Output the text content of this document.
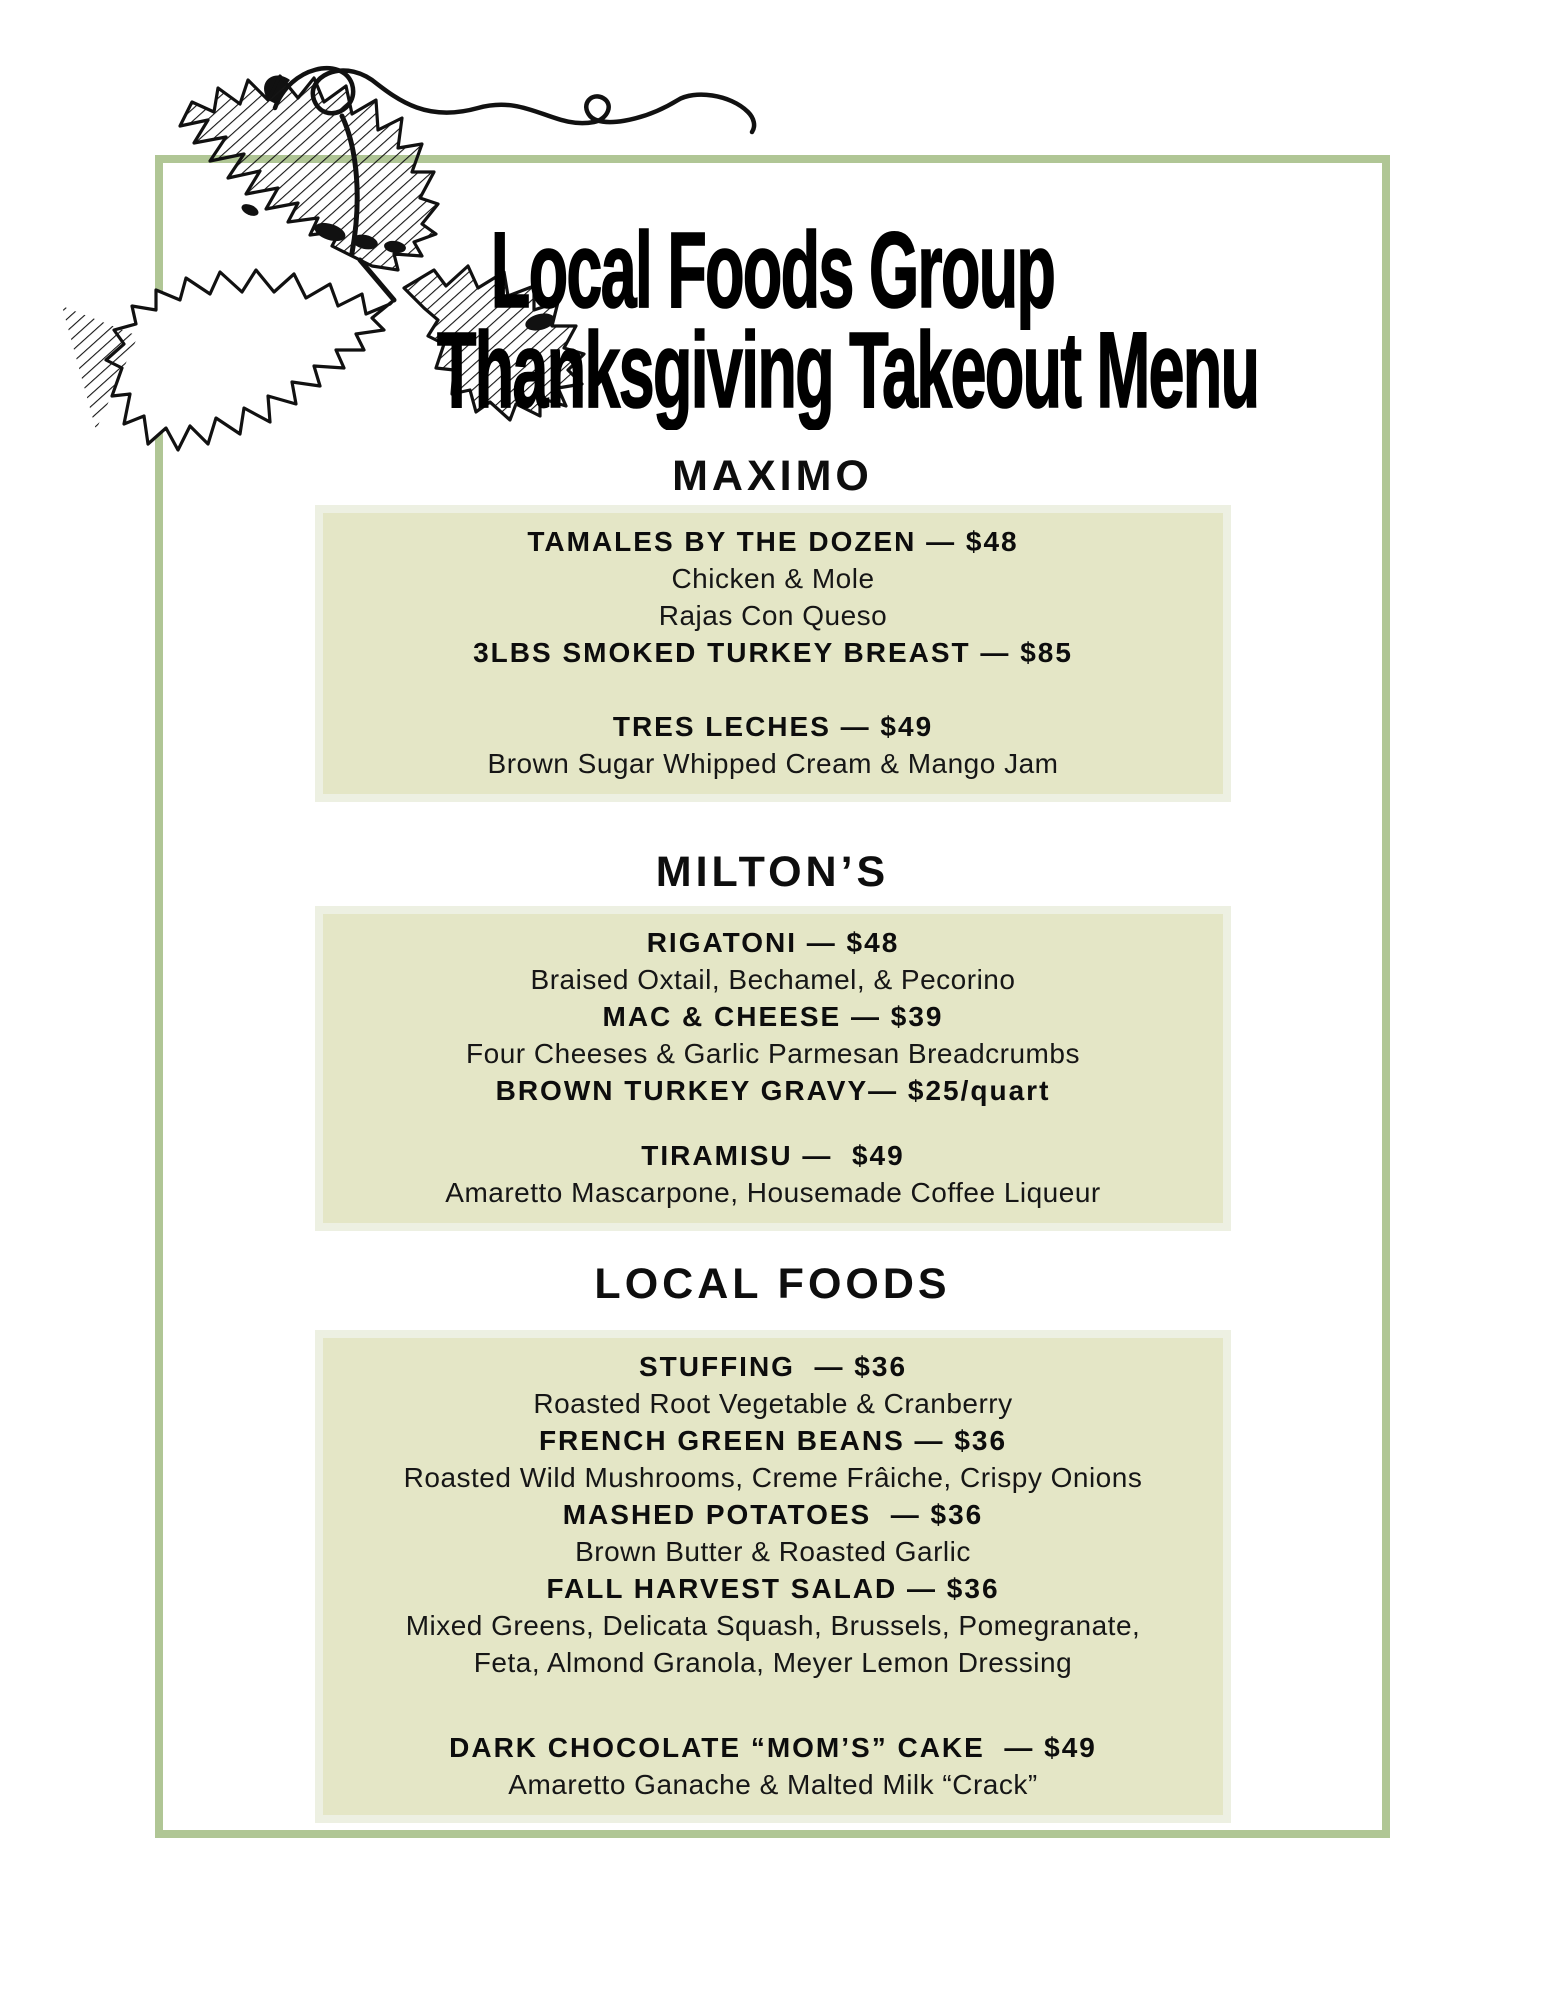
Local Foods Group
Thanksgiving Takeout Menu
MAXIMO
TAMALES BY THE DOZEN — $48
Chicken & Mole
Rajas Con Queso
3LBS SMOKED TURKEY BREAST — $85
TRES LECHES — $49
Brown Sugar Whipped Cream & Mango Jam
MILTON’S
RIGATONI — $48
Braised Oxtail, Bechamel, & Pecorino
MAC & CHEESE — $39
Four Cheeses & Garlic Parmesan Breadcrumbs
BROWN TURKEY GRAVY— $25/quart
TIRAMISU —  $49
Amaretto Mascarpone, Housemade Coffee Liqueur
LOCAL FOODS
STUFFING  — $36
Roasted Root Vegetable & Cranberry
FRENCH GREEN BEANS — $36
Roasted Wild Mushrooms, Creme Frâiche, Crispy Onions
MASHED POTATOES  — $36
Brown Butter & Roasted Garlic
FALL HARVEST SALAD — $36
Mixed Greens, Delicata Squash, Brussels, Pomegranate,
Feta, Almond Granola, Meyer Lemon Dressing
DARK CHOCOLATE “MOM’S” CAKE  — $49
Amaretto Ganache & Malted Milk “Crack”
